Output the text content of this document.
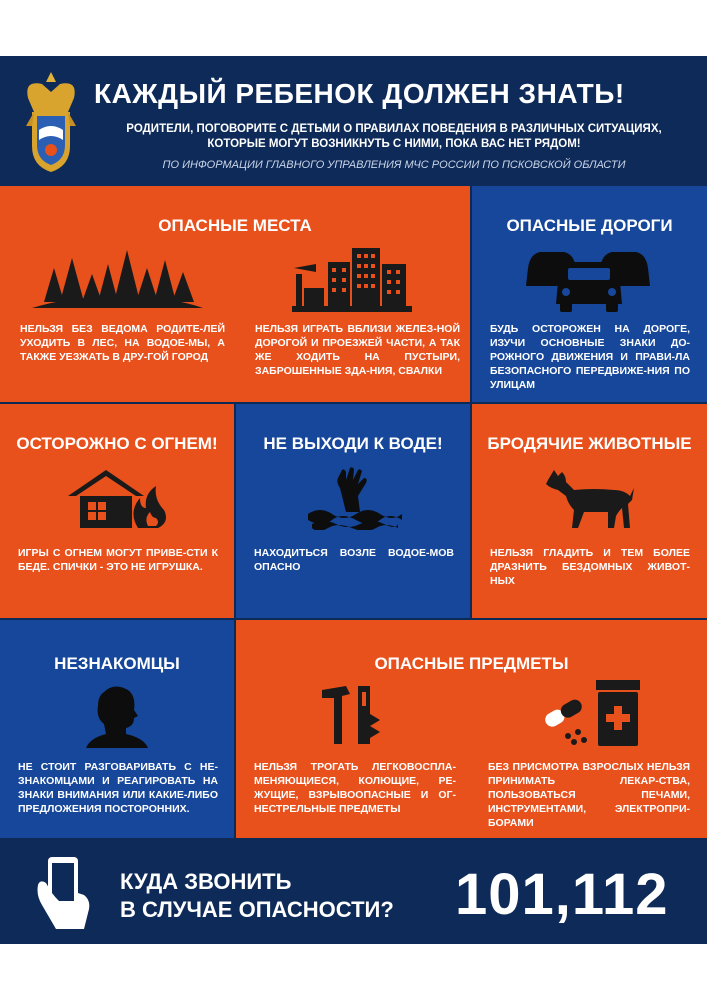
КАЖДЫЙ РЕБЕНОК ДОЛЖЕН ЗНАТЬ!
РОДИТЕЛИ, ПОГОВОРИТЕ С ДЕТЬМИ О ПРАВИЛАХ ПОВЕДЕНИЯ В РАЗЛИЧНЫХ СИТУАЦИЯХ,
КОТОРЫЕ МОГУТ ВОЗНИКНУТЬ С НИМИ, ПОКА ВАС НЕТ РЯДОМ!
ПО ИНФОРМАЦИИ ГЛАВНОГО УПРАВЛЕНИЯ МЧС РОССИИ ПО ПСКОВСКОЙ ОБЛАСТИ
ОПАСНЫЕ МЕСТА
НЕЛЬЗЯ БЕЗ ВЕДОМА РОДИТЕ-ЛЕЙ УХОДИТЬ В ЛЕС, НА ВОДОЕ-МЫ, А ТАКЖЕ УЕЗЖАТЬ В ДРУ-ГОЙ ГОРОД
НЕЛЬЗЯ ИГРАТЬ ВБЛИЗИ ЖЕЛЕЗ-НОЙ ДОРОГОЙ И ПРОЕЗЖЕЙ ЧАСТИ, А ТАК ЖЕ ХОДИТЬ НА ПУСТЫРИ, ЗАБРОШЕННЫЕ ЗДА-НИЯ, СВАЛКИ
ОПАСНЫЕ ДОРОГИ
БУДЬ ОСТОРОЖЕН НА ДОРОГЕ, ИЗУЧИ ОСНОВНЫЕ ЗНАКИ ДО-РОЖНОГО ДВИЖЕНИЯ И ПРАВИ-ЛА БЕЗОПАСНОГО ПЕРЕДВИЖЕ-НИЯ ПО УЛИЦАМ
ОСТОРОЖНО С ОГНЕМ!
ИГРЫ С ОГНЕМ МОГУТ ПРИВЕ-СТИ К БЕДЕ. СПИЧКИ - ЭТО НЕ ИГРУШКА.
НЕ ВЫХОДИ К ВОДЕ!
НАХОДИТЬСЯ ВОЗЛЕ ВОДОЕ-МОВ ОПАСНО
БРОДЯЧИЕ ЖИВОТНЫЕ
НЕЛЬЗЯ ГЛАДИТЬ И ТЕМ БОЛЕЕ ДРАЗНИТЬ БЕЗДОМНЫХ ЖИВОТ-НЫХ
НЕЗНАКОМЦЫ
НЕ СТОИТ РАЗГОВАРИВАТЬ С НЕ-ЗНАКОМЦАМИ И РЕАГИРОВАТЬ НА ЗНАКИ ВНИМАНИЯ ИЛИ КАКИЕ-ЛИБО ПРЕДЛОЖЕНИЯ ПОСТОРОННИХ.
ОПАСНЫЕ ПРЕДМЕТЫ
НЕЛЬЗЯ ТРОГАТЬ ЛЕГКОВОСПЛА-МЕНЯЮЩИЕСЯ, КОЛЮЩИЕ, РЕ-ЖУЩИЕ, ВЗРЫВООПАСНЫЕ И ОГ-НЕСТРЕЛЬНЫЕ ПРЕДМЕТЫ
БЕЗ ПРИСМОТРА ВЗРОСЛЫХ НЕЛЬЗЯ ПРИНИМАТЬ ЛЕКАР-СТВА, ПОЛЬЗОВАТЬСЯ ПЕЧАМИ, ИНСТРУМЕНТАМИ, ЭЛЕКТРОПРИ-БОРАМИ
КУДА ЗВОНИТЬ
В СЛУЧАЕ ОПАСНОСТИ? 101,112
